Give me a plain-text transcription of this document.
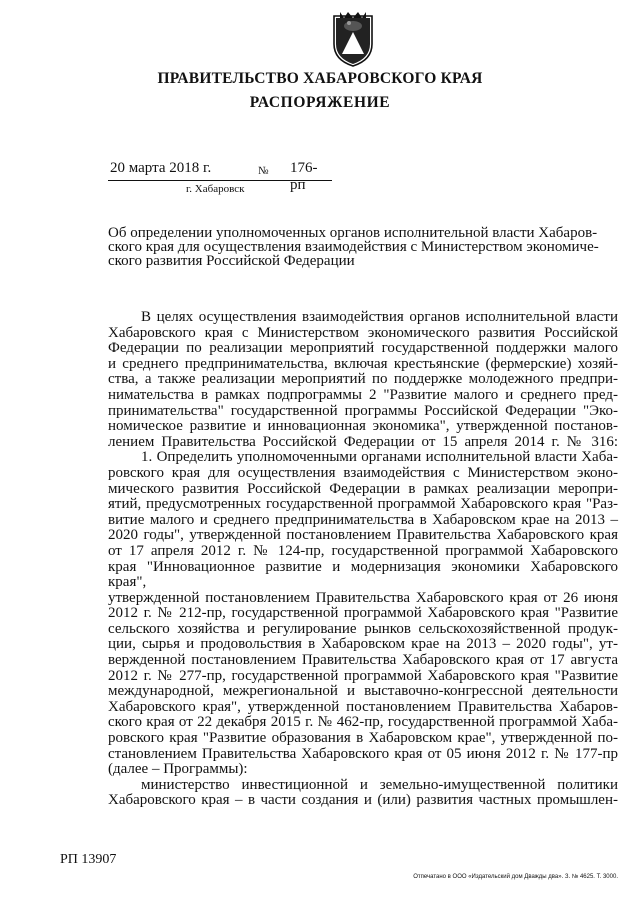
ПРАВИТЕЛЬСТВО ХАБАРОВСКОГО КРАЯ
РАСПОРЯЖЕНИЕ
20 марта 2018 г.	№ 176-рп
г. Хабаровск
Об определении уполномоченных органов исполнительной власти Хабаров-
ского края для осуществления взаимодействия с Министерством экономиче-
ского развития Российской Федерации
В целях осуществления взаимодействия органов исполнительной власти
Хабаровского края с Министерством экономического развития Российской
Федерации по реализации мероприятий государственной поддержки малого
и среднего предпринимательства, включая крестьянские (фермерские) хозяй-
ства, а также реализации мероприятий по поддержке молодежного предпри-
нимательства в рамках подпрограммы 2 "Развитие малого и среднего пред-
принимательства" государственной программы Российской Федерации "Эко-
номическое развитие и инновационная экономика", утвержденной постанов-
лением Правительства Российской Федерации от 15 апреля 2014 г. № 316:
1. Определить уполномоченными органами исполнительной власти Хаба-
ровского края для осуществления взаимодействия с Министерством эконо-
мического развития Российской Федерации в рамках реализации меропри-
ятий, предусмотренных государственной программой Хабаровского края "Раз-
витие малого и среднего предпринимательства в Хабаровском крае на 2013 –
2020 годы", утвержденной постановлением Правительства Хабаровского края
от 17 апреля 2012 г. № 124-пр, государственной программой Хабаровского
края "Инновационное развитие и модернизация экономики Хабаровского края",
утвержденной постановлением Правительства Хабаровского края от 26 июня
2012 г. № 212-пр, государственной программой Хабаровского края "Развитие
сельского хозяйства и регулирование рынков сельскохозяйственной продук-
ции, сырья и продовольствия в Хабаровском крае на 2013 – 2020 годы", ут-
вержденной постановлением Правительства Хабаровского края от 17 августа
2012 г. № 277-пр, государственной программой Хабаровского края "Развитие
международной, межрегиональной и выставочно-конгрессной деятельности
Хабаровского края", утвержденной постановлением Правительства Хабаров-
ского края от 22 декабря 2015 г. № 462-пр, государственной программой Хаба-
ровского края "Развитие образования в Хабаровском крае", утвержденной по-
становлением Правительства Хабаровского края от 05 июня 2012 г. № 177-пр
(далее – Программы):
министерство инвестиционной и земельно-имущественной политики
Хабаровского края – в части создания и (или) развития частных промышлен-
РП 13907
Отпечатано в ООО «Издательский дом Дважды два». З. № 4625. Т. 3000.
